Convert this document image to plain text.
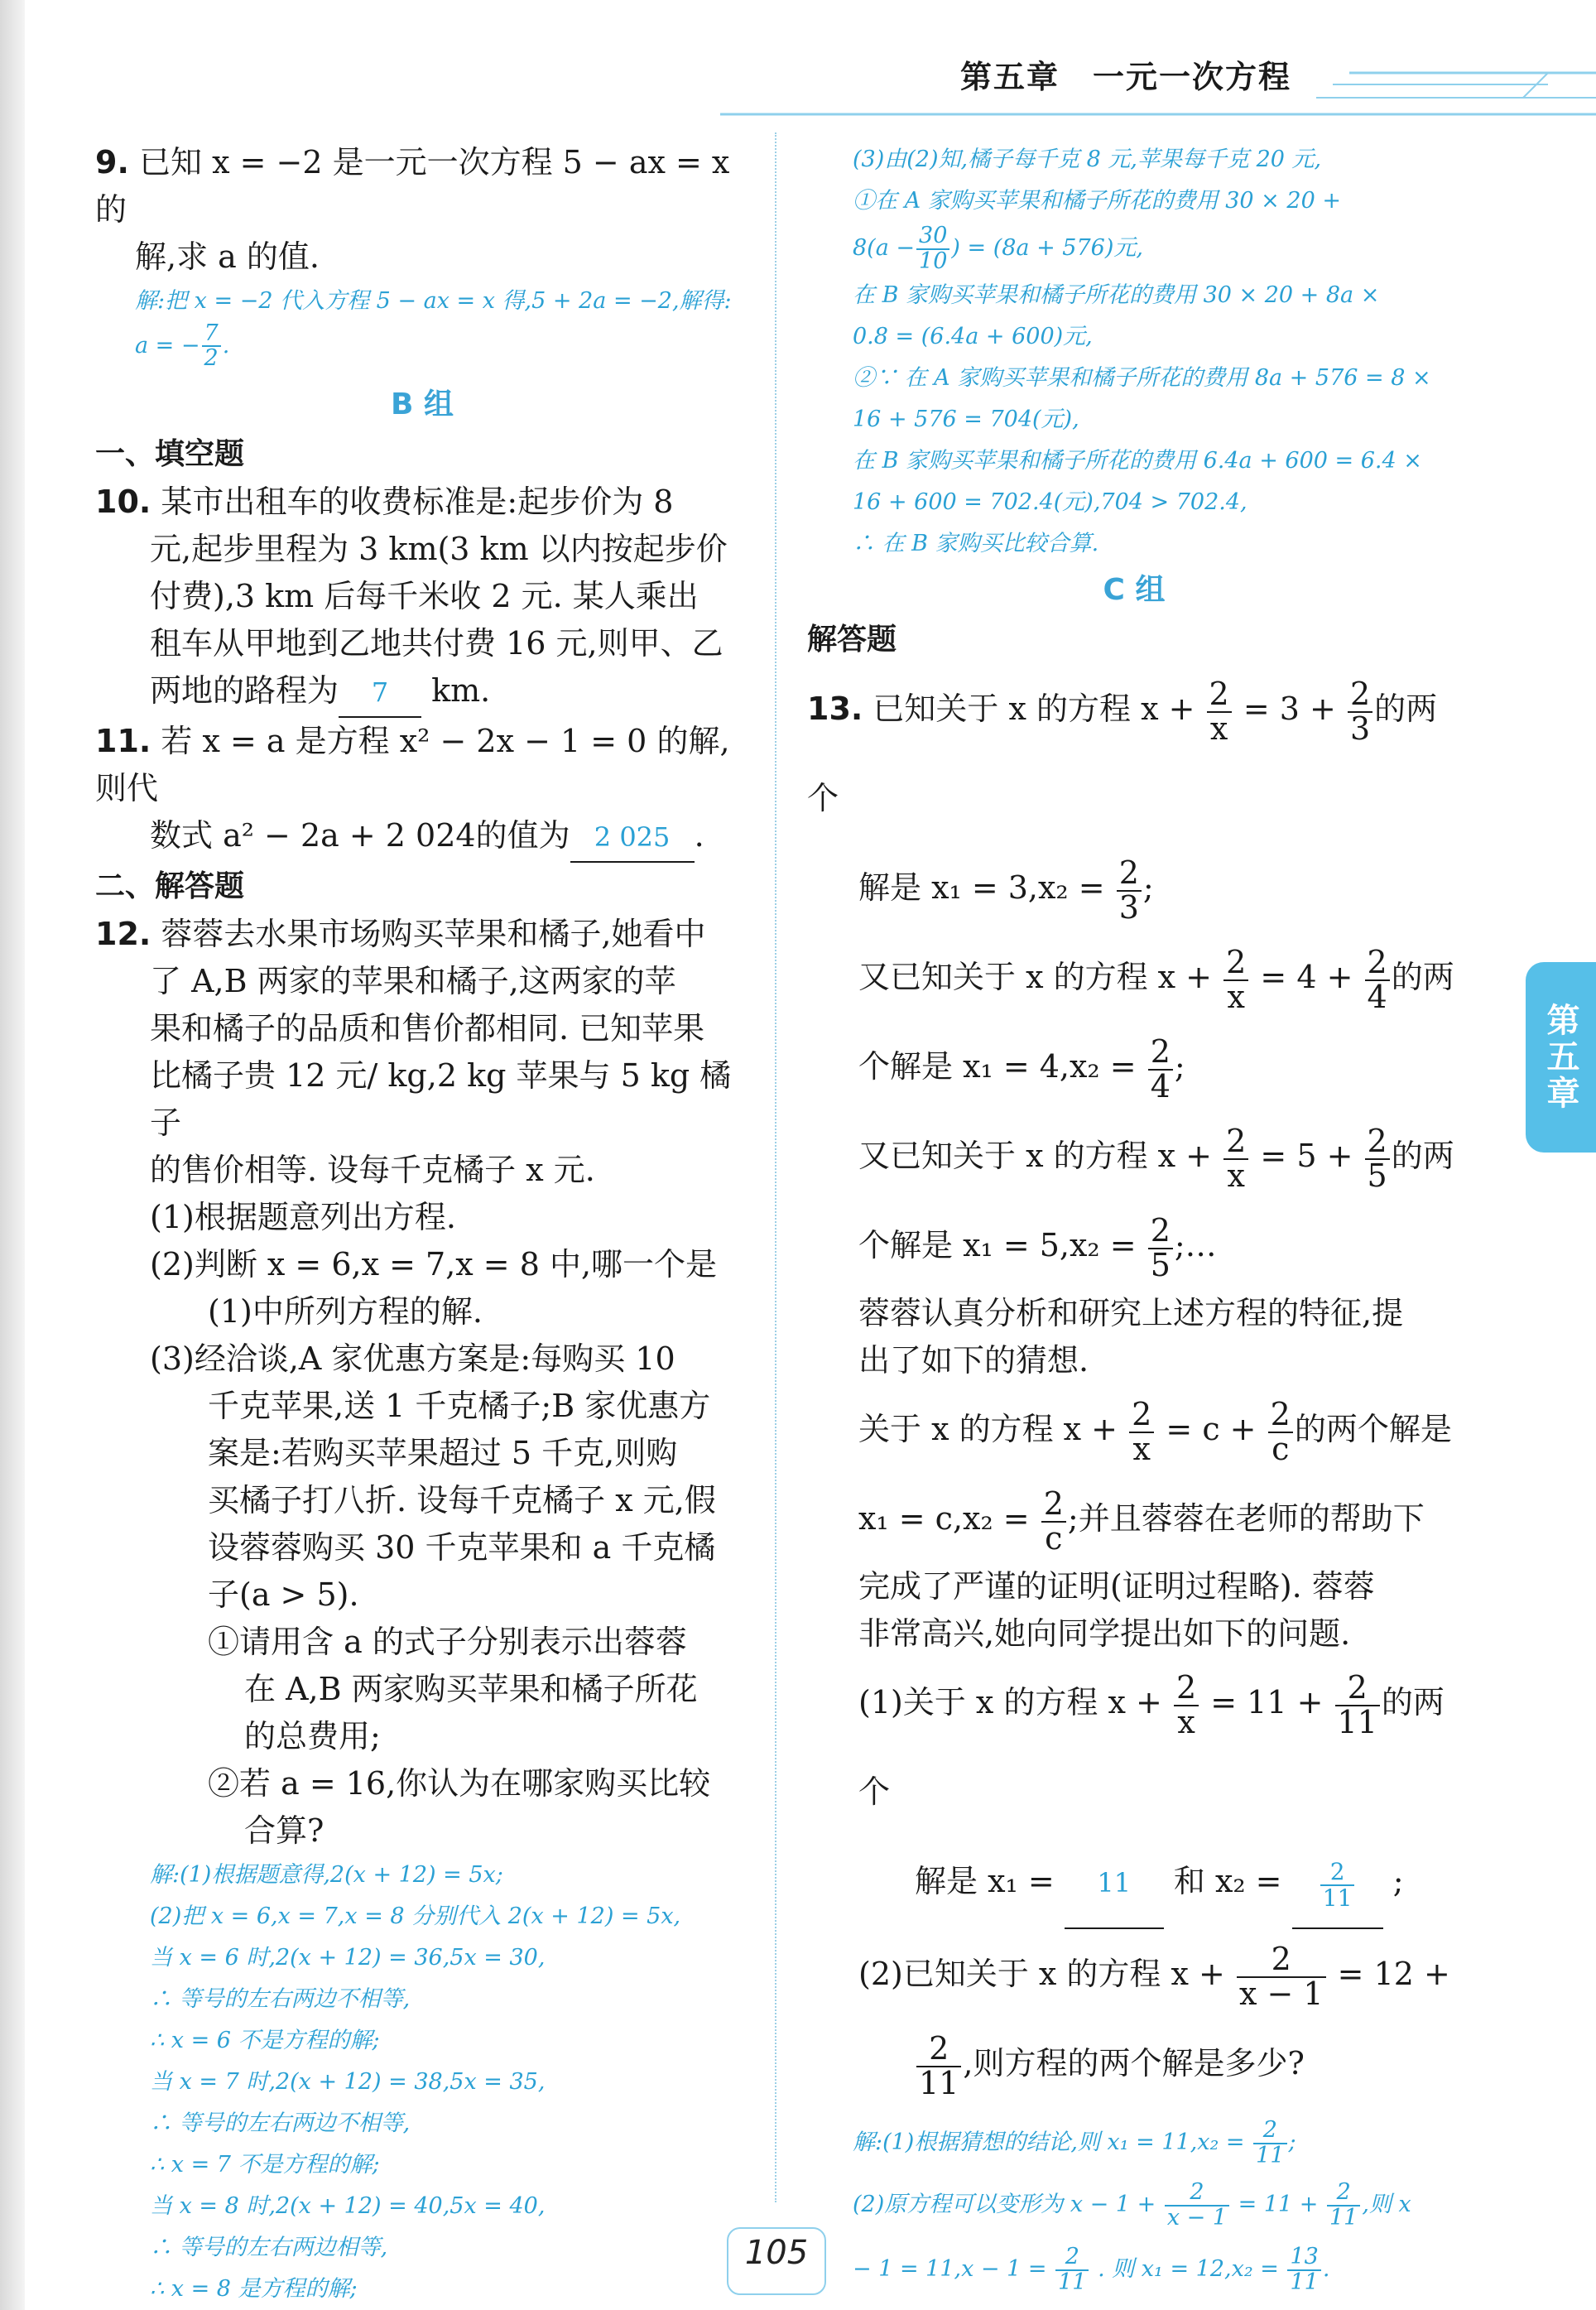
第五章　一元一次方程
第五章

9. 已知 x = −2 是一元一次方程 5 − ax = x 的

解,求 a 的值.

解:把 x = −2 代入方程 5 − ax = x 得,5 + 2a = −2,解得:

a = − $\frac{7}{2}$ .

B 组

一、填空题

10. 某市出租车的收费标准是:起步价为 8

元,起步里程为 3 km(3 km 以内按起步价

付费),3 km 后每千米收 2 元. 某人乘出

租车从甲地到乙地共付费 16 元,则甲、乙

两地的路程为 7 km.

11. 若 x = a 是方程 x² − 2x − 1 = 0 的解,则代

数式 a² − 2a + 2 024的值为 2 025 .

二、解答题

12. 蓉蓉去水果市场购买苹果和橘子,她看中

了 A,B 两家的苹果和橘子,这两家的苹

果和橘子的品质和售价都相同. 已知苹果

比橘子贵 12 元/ kg,2 kg 苹果与 5 kg 橘子

的售价相等. 设每千克橘子 x 元.

(1)根据题意列出方程.

(2)判断 x = 6,x = 7,x = 8 中,哪一个是

(1)中所列方程的解.

(3)经洽谈,A 家优惠方案是:每购买 10

千克苹果,送 1 千克橘子;B 家优惠方

案是:若购买苹果超过 5 千克,则购

买橘子打八折. 设每千克橘子 x 元,假

设蓉蓉购买 30 千克苹果和 a 千克橘

子(a > 5).

①请用含 a 的式子分别表示出蓉蓉

在 A,B 两家购买苹果和橘子所花

的总费用;

②若 a = 16,你认为在哪家购买比较

合算?

解:(1)根据题意得,2(x + 12) = 5x;

(2)把 x = 6,x = 7,x = 8 分别代入 2(x + 12) = 5x,

当 x = 6 时,2(x + 12) = 36,5x = 30,

∴ 等号的左右两边不相等,

∴ x = 6 不是方程的解;

当 x = 7 时,2(x + 12) = 38,5x = 35,

∴ 等号的左右两边不相等,

∴ x = 7 不是方程的解;

当 x = 8 时,2(x + 12) = 40,5x = 40,

∴ 等号的左右两边相等,

∴ x = 8 是方程的解;

(3)由(2)知,橘子每千克 8 元,苹果每千克 20 元,

①在 A 家购买苹果和橘子所花的费用 30 × 20 +

$8(a - \frac{30}{10}$ ) = (8a + 576)元,

在 B 家购买苹果和橘子所花的费用 30 × 20 + 8a ×

0.8 = (6.4a + 600)元,

②∵ 在 A 家购买苹果和橘子所花的费用 8a + 576 = 8 ×

16 + 576 = 704(元),

在 B 家购买苹果和橘子所花的费用 6.4a + 600 = 6.4 ×

16 + 600 = 702.4(元),704 > 702.4,

∴ 在 B 家购买比较合算.

C 组

解答题

13. 已知关于 x 的方程 $x + \frac{2}{x} = 3 + \frac{2}{3}$ 的两个

解是 $x_1 = 3,x_2 = \frac{2}{3}$ ;

又已知关于 x 的方程 $x + \frac{2}{x} = 4 + \frac{2}{4}$ 的两

个解是 $x_1 = 4,x_2 = \frac{2}{4}$ ;

又已知关于 x 的方程 $x + \frac{2}{x} = 5 + \frac{2}{5}$ 的两

个解是 $x_1 = 5,x_2 = \frac{2}{5}$ ;…

蓉蓉认真分析和研究上述方程的特征,提

出了如下的猜想.

关于 x 的方程 $x + \frac{2}{x} = c + \frac{2}{c}$ 的两个解是

$x_1 = c,x_2 = \frac{2}{c}$ ;并且蓉蓉在老师的帮助下

完成了严谨的证明(证明过程略). 蓉蓉

非常高兴,她向同学提出如下的问题.

(1)关于 x 的方程 $x + \frac{2}{x} = 11 + \frac{2}{11}$ 的两个

解是 x₁ = 11 和 $x_2 = \frac{2}{11}$ ;

(2)已知关于 x 的方程 $x + \frac{2}{x - 1} = 12$ +

$\frac{2}{11}$ ,则方程的两个解是多少?

解:(1)根据猜想的结论,则 $x_1 = 11,x_2 = \frac{2}{11}$ ;

(2)原方程可以变形为 $x - 1 + \frac{2}{x - 1} = 11 + \frac{2}{11}$ ,则 x

− $1 = 11,x - 1 = \frac{2}{11}$ . 则 $x_1 = 12,x_2 = \frac{13}{11}$ .

105
